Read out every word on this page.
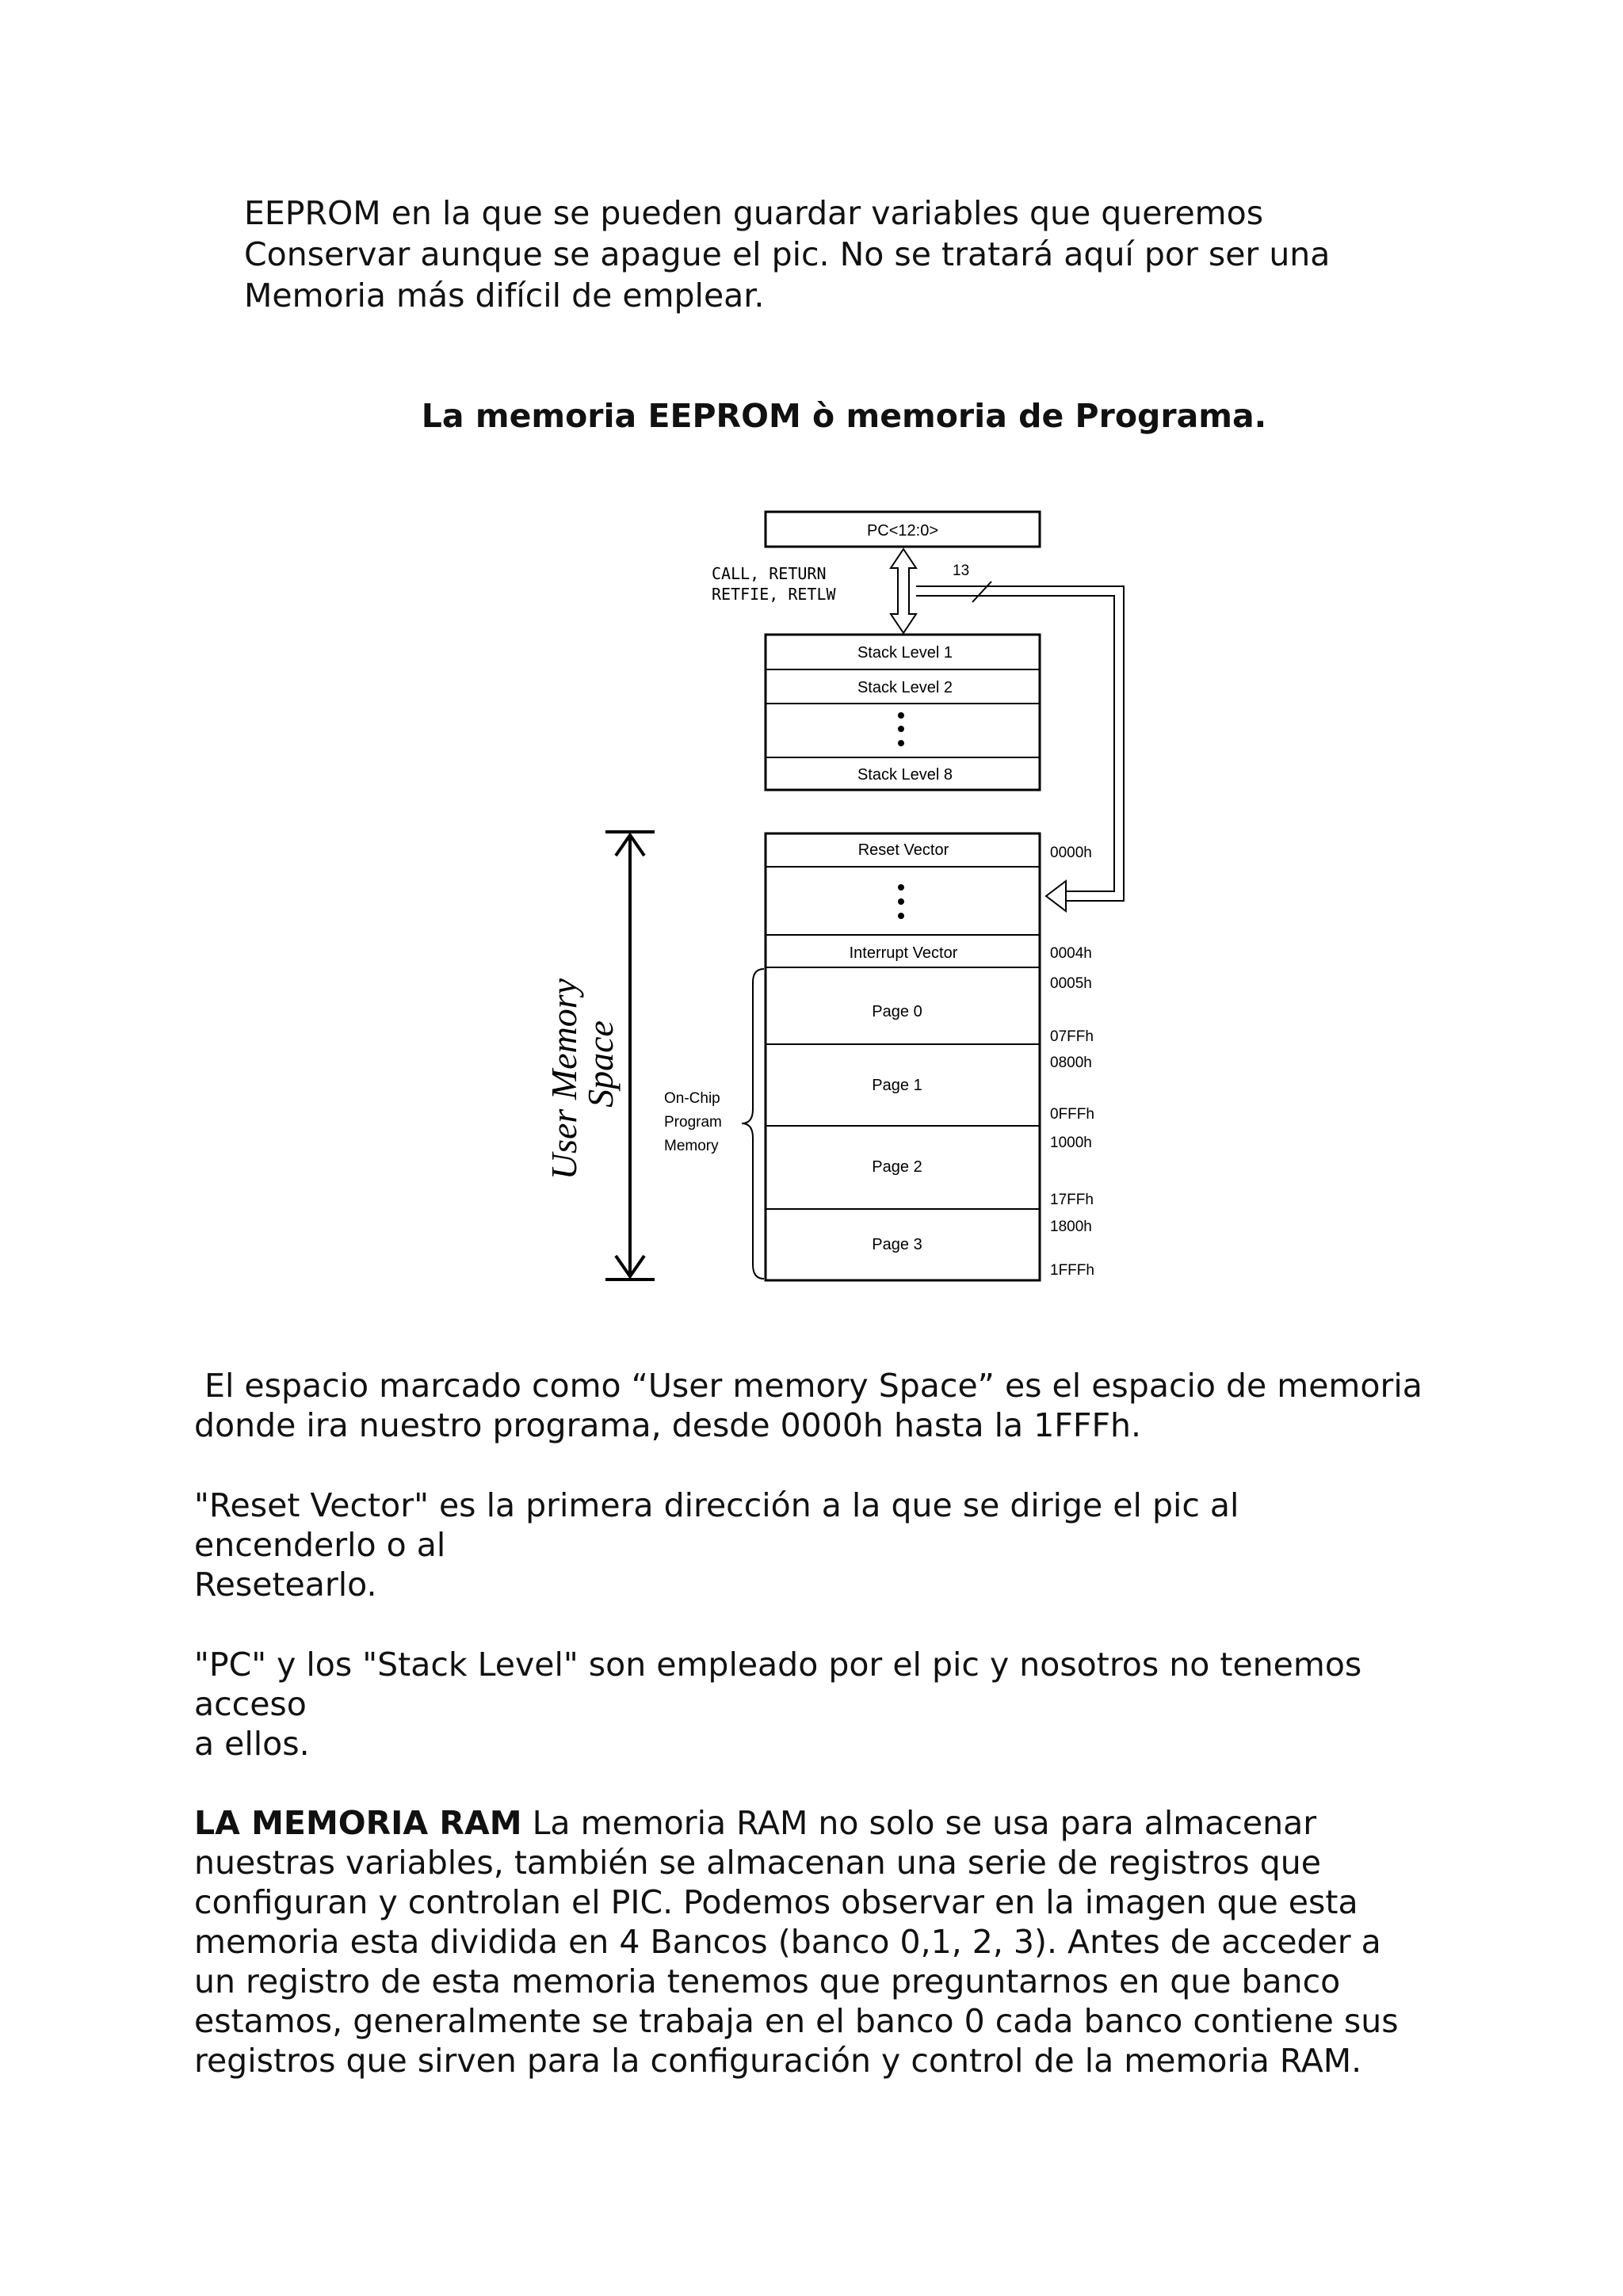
EEPROM en la que se pueden guardar variables que queremos

Conservar aunque se apague el pic. No se tratará aquí por ser una

Memoria más difícil de emplear.

La memoria EEPROM ò memoria de Programa.
PC<12:0>
CALL, RETURN
RETFIE, RETLW
13
Stack Level 1
Stack Level 2
Stack Level 8
Reset Vector
Interrupt Vector
Page 0
Page 1
Page 2
Page 3
0000h
0004h
0005h
07FFh
0800h
0FFFh
1000h
17FFh
1800h
1FFFh
On-Chip
Program
Memory
User Memory
Space

El espacio marcado como “User memory Space” es el espacio de memoria

donde ira nuestro programa, desde 0000h hasta la 1FFFh.

"Reset Vector" es la primera dirección a la que se dirige el pic al

encenderlo o al

Resetearlo.

"PC" y los "Stack Level" son empleado por el pic y nosotros no tenemos

acceso

a ellos.

LA MEMORIA RAM La memoria RAM no solo se usa para almacenar

nuestras variables, también se almacenan una serie de registros que

configuran y controlan el PIC. Podemos observar en la imagen que esta

memoria esta dividida en 4 Bancos (banco 0,1, 2, 3). Antes de acceder a

un registro de esta memoria tenemos que preguntarnos en que banco

estamos, generalmente se trabaja en el banco 0 cada banco contiene sus

registros que sirven para la configuración y control de la memoria RAM.
